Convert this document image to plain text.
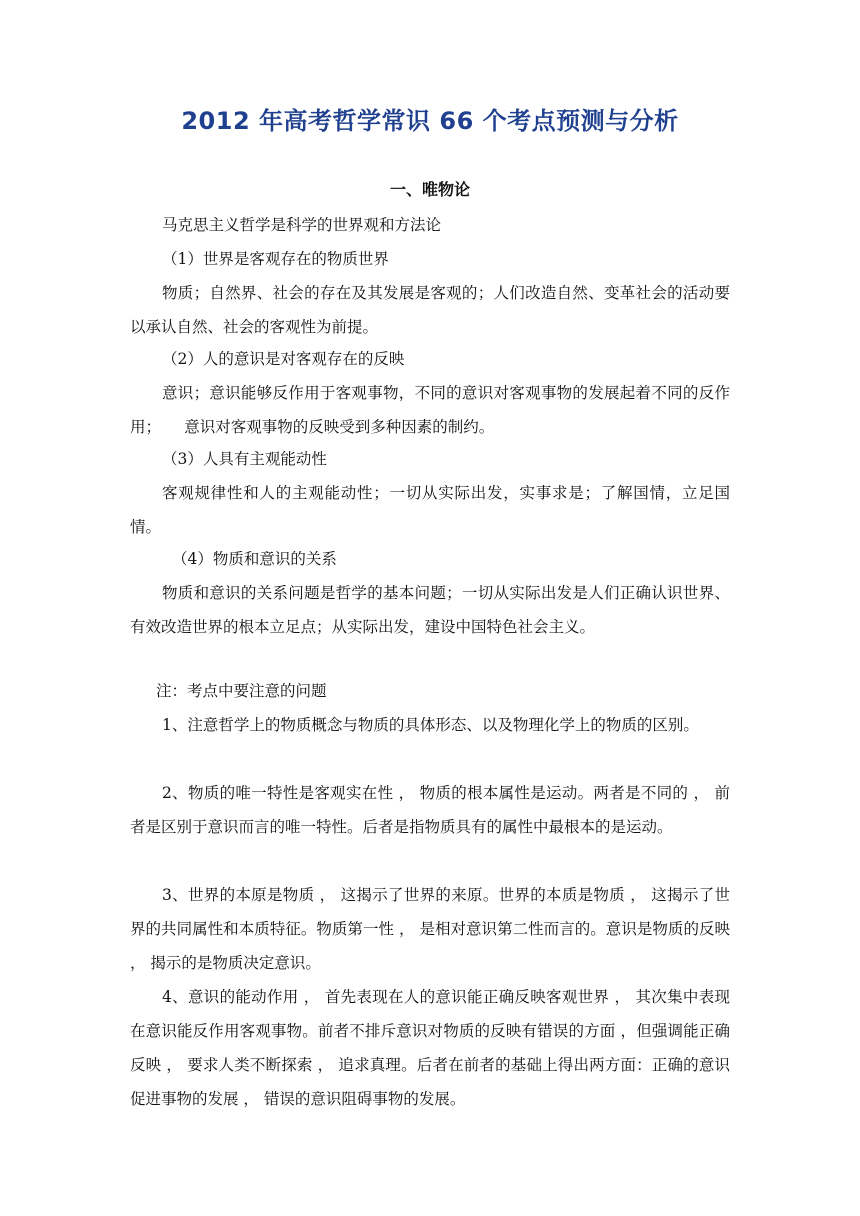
2012 年高考哲学常识 66 个考点预测与分析
一、唯物论
马克思主义哲学是科学的世界观和方法论
（1）世界是客观存在的物质世界
物质；自然界、社会的存在及其发展是客观的；人们改造自然、变革社会的活动要以承认自然、社会的客观性为前提。
（2）人的意识是对客观存在的反映
意识；意识能够反作用于客观事物，不同的意识对客观事物的发展起着不同的反作用；　　意识对客观事物的反映受到多种因素的制约。
（3）人具有主观能动性
客观规律性和人的主观能动性；一切从实际出发，实事求是；了解国情，立足国情。
（4）物质和意识的关系
物质和意识的关系问题是哲学的基本问题；一切从实际出发是人们正确认识世界、有效改造世界的根本立足点；从实际出发，建设中国特色社会主义。
注：考点中要注意的问题
1、注意哲学上的物质概念与物质的具体形态、以及物理化学上的物质的区别。
2、物质的唯一特性是客观实在性 ， 物质的根本属性是运动。两者是不同的 ， 前者是区别于意识而言的唯一特性。后者是指物质具有的属性中最根本的是运动。
3、世界的本原是物质 ， 这揭示了世界的来原。世界的本质是物质 ， 这揭示了世界的共同属性和本质特征。物质第一性 ， 是相对意识第二性而言的。意识是物质的反映 ， 揭示的是物质决定意识。
4、意识的能动作用 ， 首先表现在人的意识能正确反映客观世界 ， 其次集中表现在意识能反作用客观事物。前者不排斥意识对物质的反映有错误的方面 ，但强调能正确反映 ， 要求人类不断探索 ， 追求真理。后者在前者的基础上得出两方面：正确的意识促进事物的发展 ， 错误的意识阻碍事物的发展。
